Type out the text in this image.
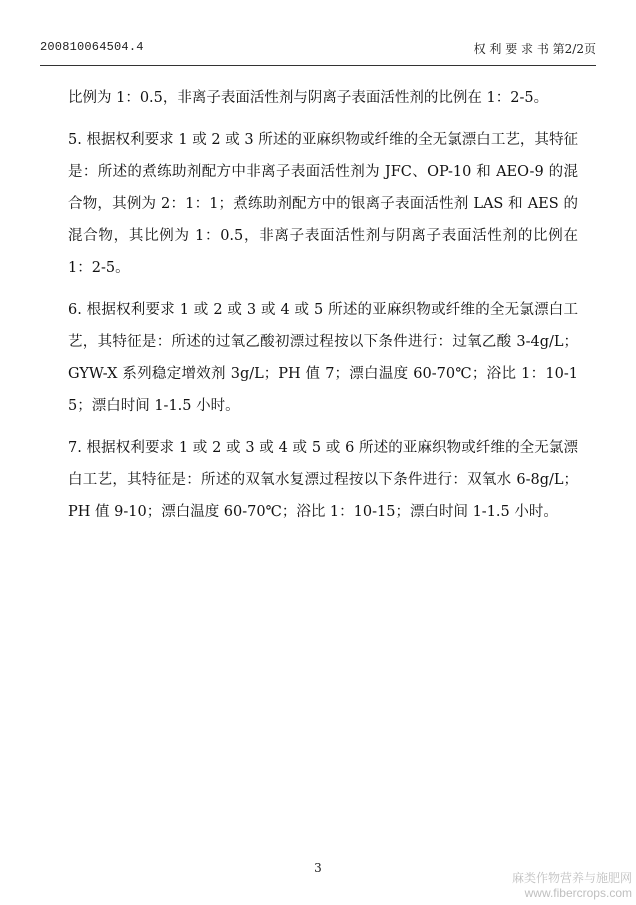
200810064504.4	权 利 要 求 书 第2/2页

比例为 1：0.5，非离子表面活性剂与阴离子表面活性剂的比例在 1：2-5。

5. 根据权利要求 1 或 2 或 3 所述的亚麻织物或纤维的全无氯漂白工艺，其特征是：所述的煮练助剂配方中非离子表面活性剂为 JFC、OP-10 和 AEO-9 的混合物，其例为 2：1：1；煮练助剂配方中的银离子表面活性剂 LAS 和 AES 的混合物，其比例为 1：0.5，非离子表面活性剂与阴离子表面活性剂的比例在 1：2-5。

6. 根据权利要求 1 或 2 或 3 或 4 或 5 所述的亚麻织物或纤维的全无氯漂白工艺，其特征是：所述的过氧乙酸初漂过程按以下条件进行：过氧乙酸 3-4g/L；GYW-X 系列稳定增效剂 3g/L；PH 值 7；漂白温度 60-70℃；浴比 1：10-15；漂白时间 1-1.5 小时。

7. 根据权利要求 1 或 2 或 3 或 4 或 5 或 6 所述的亚麻织物或纤维的全无氯漂白工艺，其特征是：所述的双氧水复漂过程按以下条件进行：双氧水 6-8g/L；PH 值 9-10；漂白温度 60-70℃；浴比 1：10-15；漂白时间 1-1.5 小时。

3
麻类作物营养与施肥网
www.fibercrops.com
